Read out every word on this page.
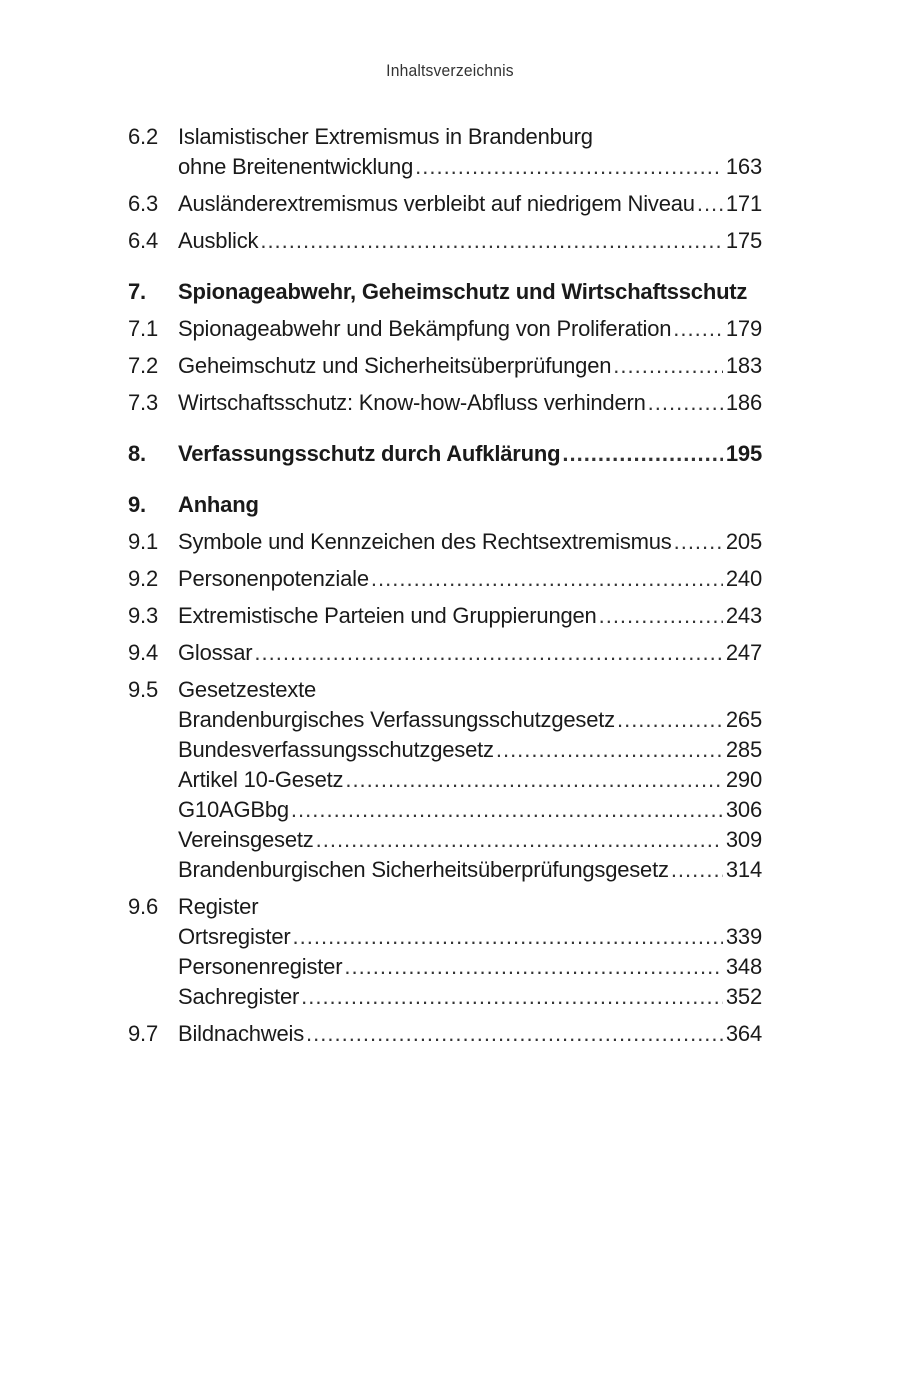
Inhaltsverzeichnis
6.2 Islamistischer Extremismus in Brandenburg
ohne Breitenentwicklung .....	163
6.3 Ausländerextremismus verbleibt auf niedrigem Niveau ..... 171
6.4 Ausblick .....	175
7.	Spionageabwehr, Geheimschutz und Wirtschaftsschutz
7.1 Spionageabwehr und Bekämpfung von Proliferation ..... 179
7.2 Geheimschutz und Sicherheitsüberprüfungen .....	183
7.3 Wirtschaftsschutz: Know-how-Abfluss verhindern .....	186
8.	Verfassungsschutz durch Aufklärung .....	195
9.	Anhang
9.1 Symbole und Kennzeichen des Rechtsextremismus ..... 205
9.2 Personenpotenziale .....	240
9.3 Extremistische Parteien und Gruppierungen .....	243
9.4 Glossar .....	247
9.5 Gesetzestexte
Brandenburgisches Verfassungsschutzgesetz .....	265
Bundesverfassungsschutzgesetz .....	285
Artikel 10-Gesetz .....	290
G10AGBbg .....	306
Vereinsgesetz .....	309
Brandenburgischen Sicherheitsüberprüfungsgesetz .....	314
9.6 Register
Ortsregister .....	339
Personenregister .....	348
Sachregister .....	352
9.7 Bildnachweis .....	364
